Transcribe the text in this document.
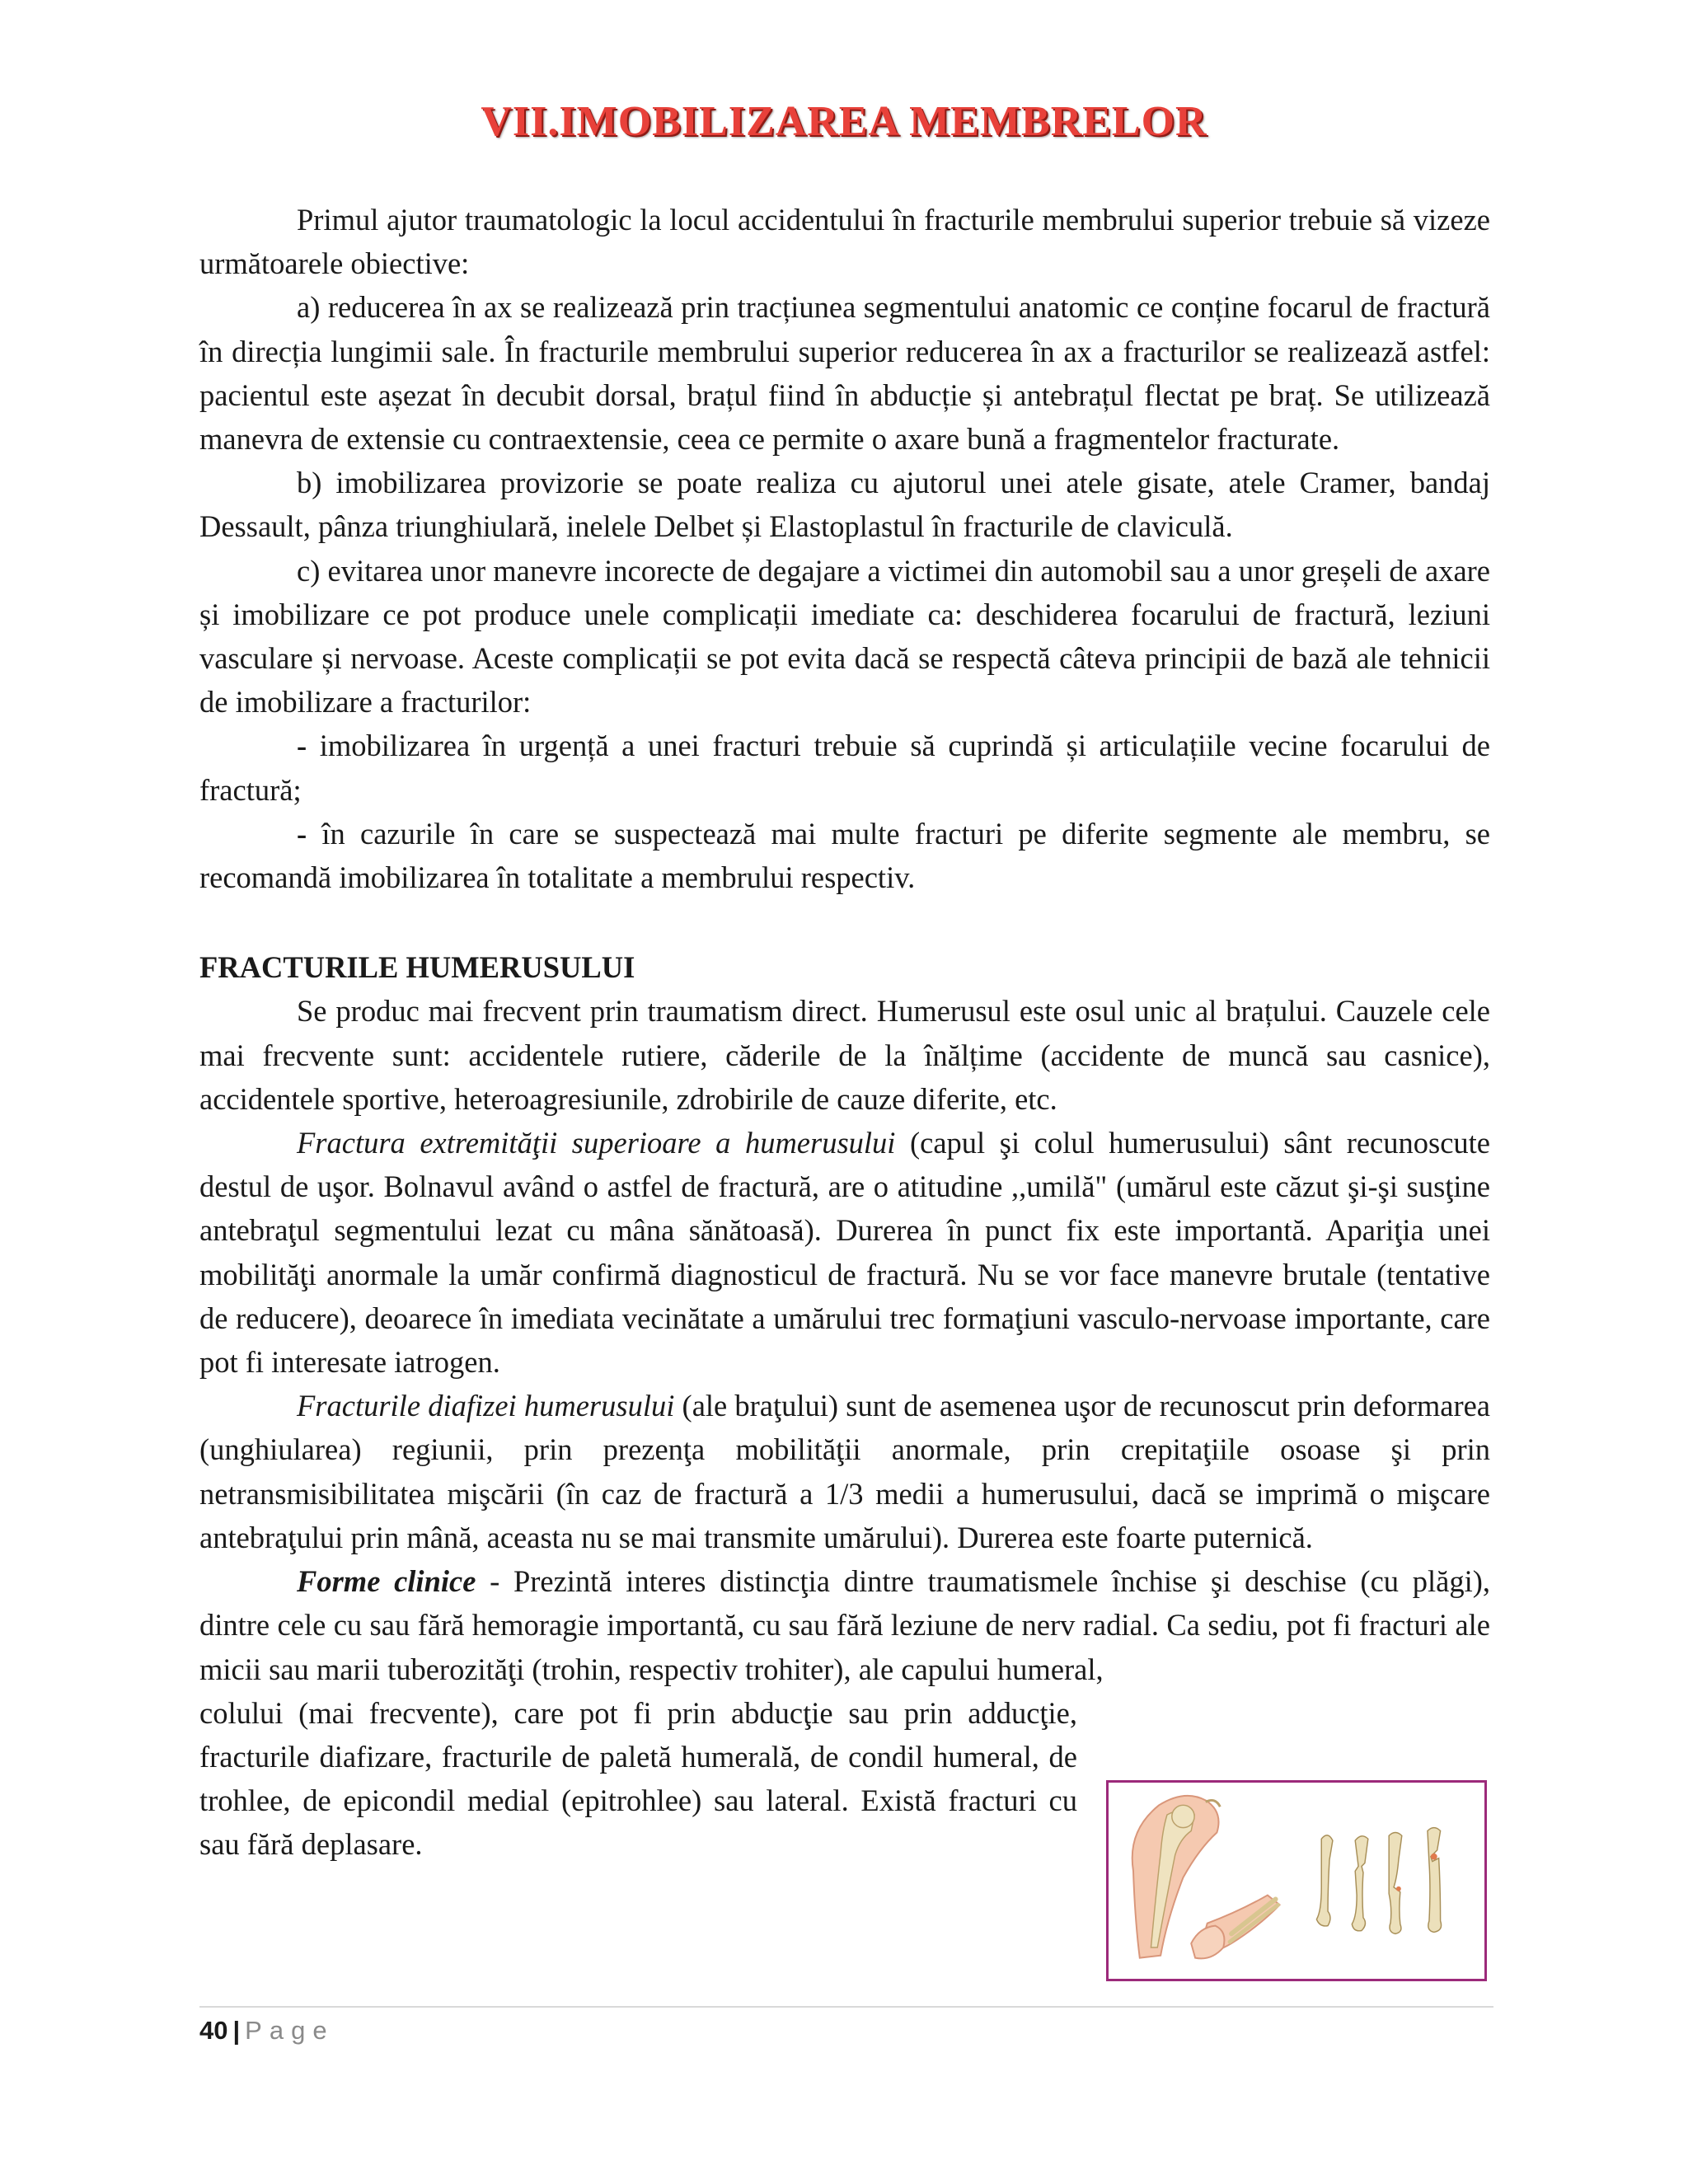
VII.IMOBILIZAREA MEMBRELOR

Primul ajutor traumatologic la locul accidentului în fracturile membrului superior trebuie să vizeze următoarele obiective:

a) reducerea în ax se realizează prin tracțiunea segmentului anatomic ce conține focarul de fractură în direcția lungimii sale. În fracturile membrului superior reducerea în ax a fracturilor se realizează astfel: pacientul este așezat în decubit dorsal, brațul fiind în abducție și antebrațul flectat pe braț. Se utilizează manevra de extensie cu contraextensie, ceea ce permite o axare bună a fragmentelor fracturate.

b) imobilizarea provizorie se poate realiza cu ajutorul unei atele gisate, atele Cramer, bandaj Dessault, pânza triunghiulară, inelele Delbet și Elastoplastul în fracturile de claviculă.

c) evitarea unor manevre incorecte de degajare a victimei din automobil sau a unor greșeli de axare și imobilizare ce pot produce unele complicații imediate ca: deschiderea focarului de fractură, leziuni vasculare și nervoase. Aceste complicații se pot evita dacă se respectă câteva principii de bază ale tehnicii de imobilizare a fracturilor:

- imobilizarea în urgență a unei fracturi trebuie să cuprindă și articulațiile vecine focarului de fractură;

- în cazurile în care se suspectează mai multe fracturi pe diferite segmente ale membru, se recomandă imobilizarea în totalitate a membrului respectiv.

FRACTURILE HUMERUSULUI

Se produc mai frecvent prin traumatism direct. Humerusul este osul unic al brațului. Cauzele cele mai frecvente sunt: accidentele rutiere, căderile de la înălțime (accidente de muncă sau casnice), accidentele sportive, heteroagresiunile, zdrobirile de cauze diferite, etc.

Fractura extremităţii superioare a humerusului (capul şi colul humerusului) sânt recunoscute destul de uşor. Bolnavul având o astfel de fractură, are o atitudine ,,umilă" (umărul este căzut şi-şi susţine antebraţul segmentului lezat cu mâna sănătoasă). Durerea în punct fix este importantă. Apariţia unei mobilităţi anormale la umăr confirmă diagnosticul de fractură. Nu se vor face manevre brutale (tentative de reducere), deoarece în imediata vecinătate a umărului trec formaţiuni vasculo-nervoase importante, care pot fi interesate iatrogen.

Fracturile diafizei humerusului (ale braţului) sunt de asemenea uşor de recunoscut prin deformarea (unghiularea) regiunii, prin prezenţa mobilităţii anormale, prin crepitaţiile osoase şi prin netransmisibilitatea mişcării (în caz de fractură a 1/3 medii a humerusului, dacă se imprimă o mişcare antebraţului prin mână, aceasta nu se mai transmite umărului). Durerea este foarte puternică.

Forme clinice - Prezintă interes distincţia dintre traumatismele închise şi deschise (cu plăgi), dintre cele cu sau fără hemoragie importantă, cu sau fără leziune de nerv radial. Ca sediu, pot fi fracturi ale micii sau marii tuberozităţi (trohin, respectiv trohiter), ale capului humeral,

colului (mai frecvente), care pot fi prin abducţie sau prin adducţie, fracturile diafizare, fracturile de paletă humerală, de condil humeral, de trohlee, de epicondil medial (epitrohlee) sau lateral. Există fracturi cu sau fără deplasare.

40 | Page
